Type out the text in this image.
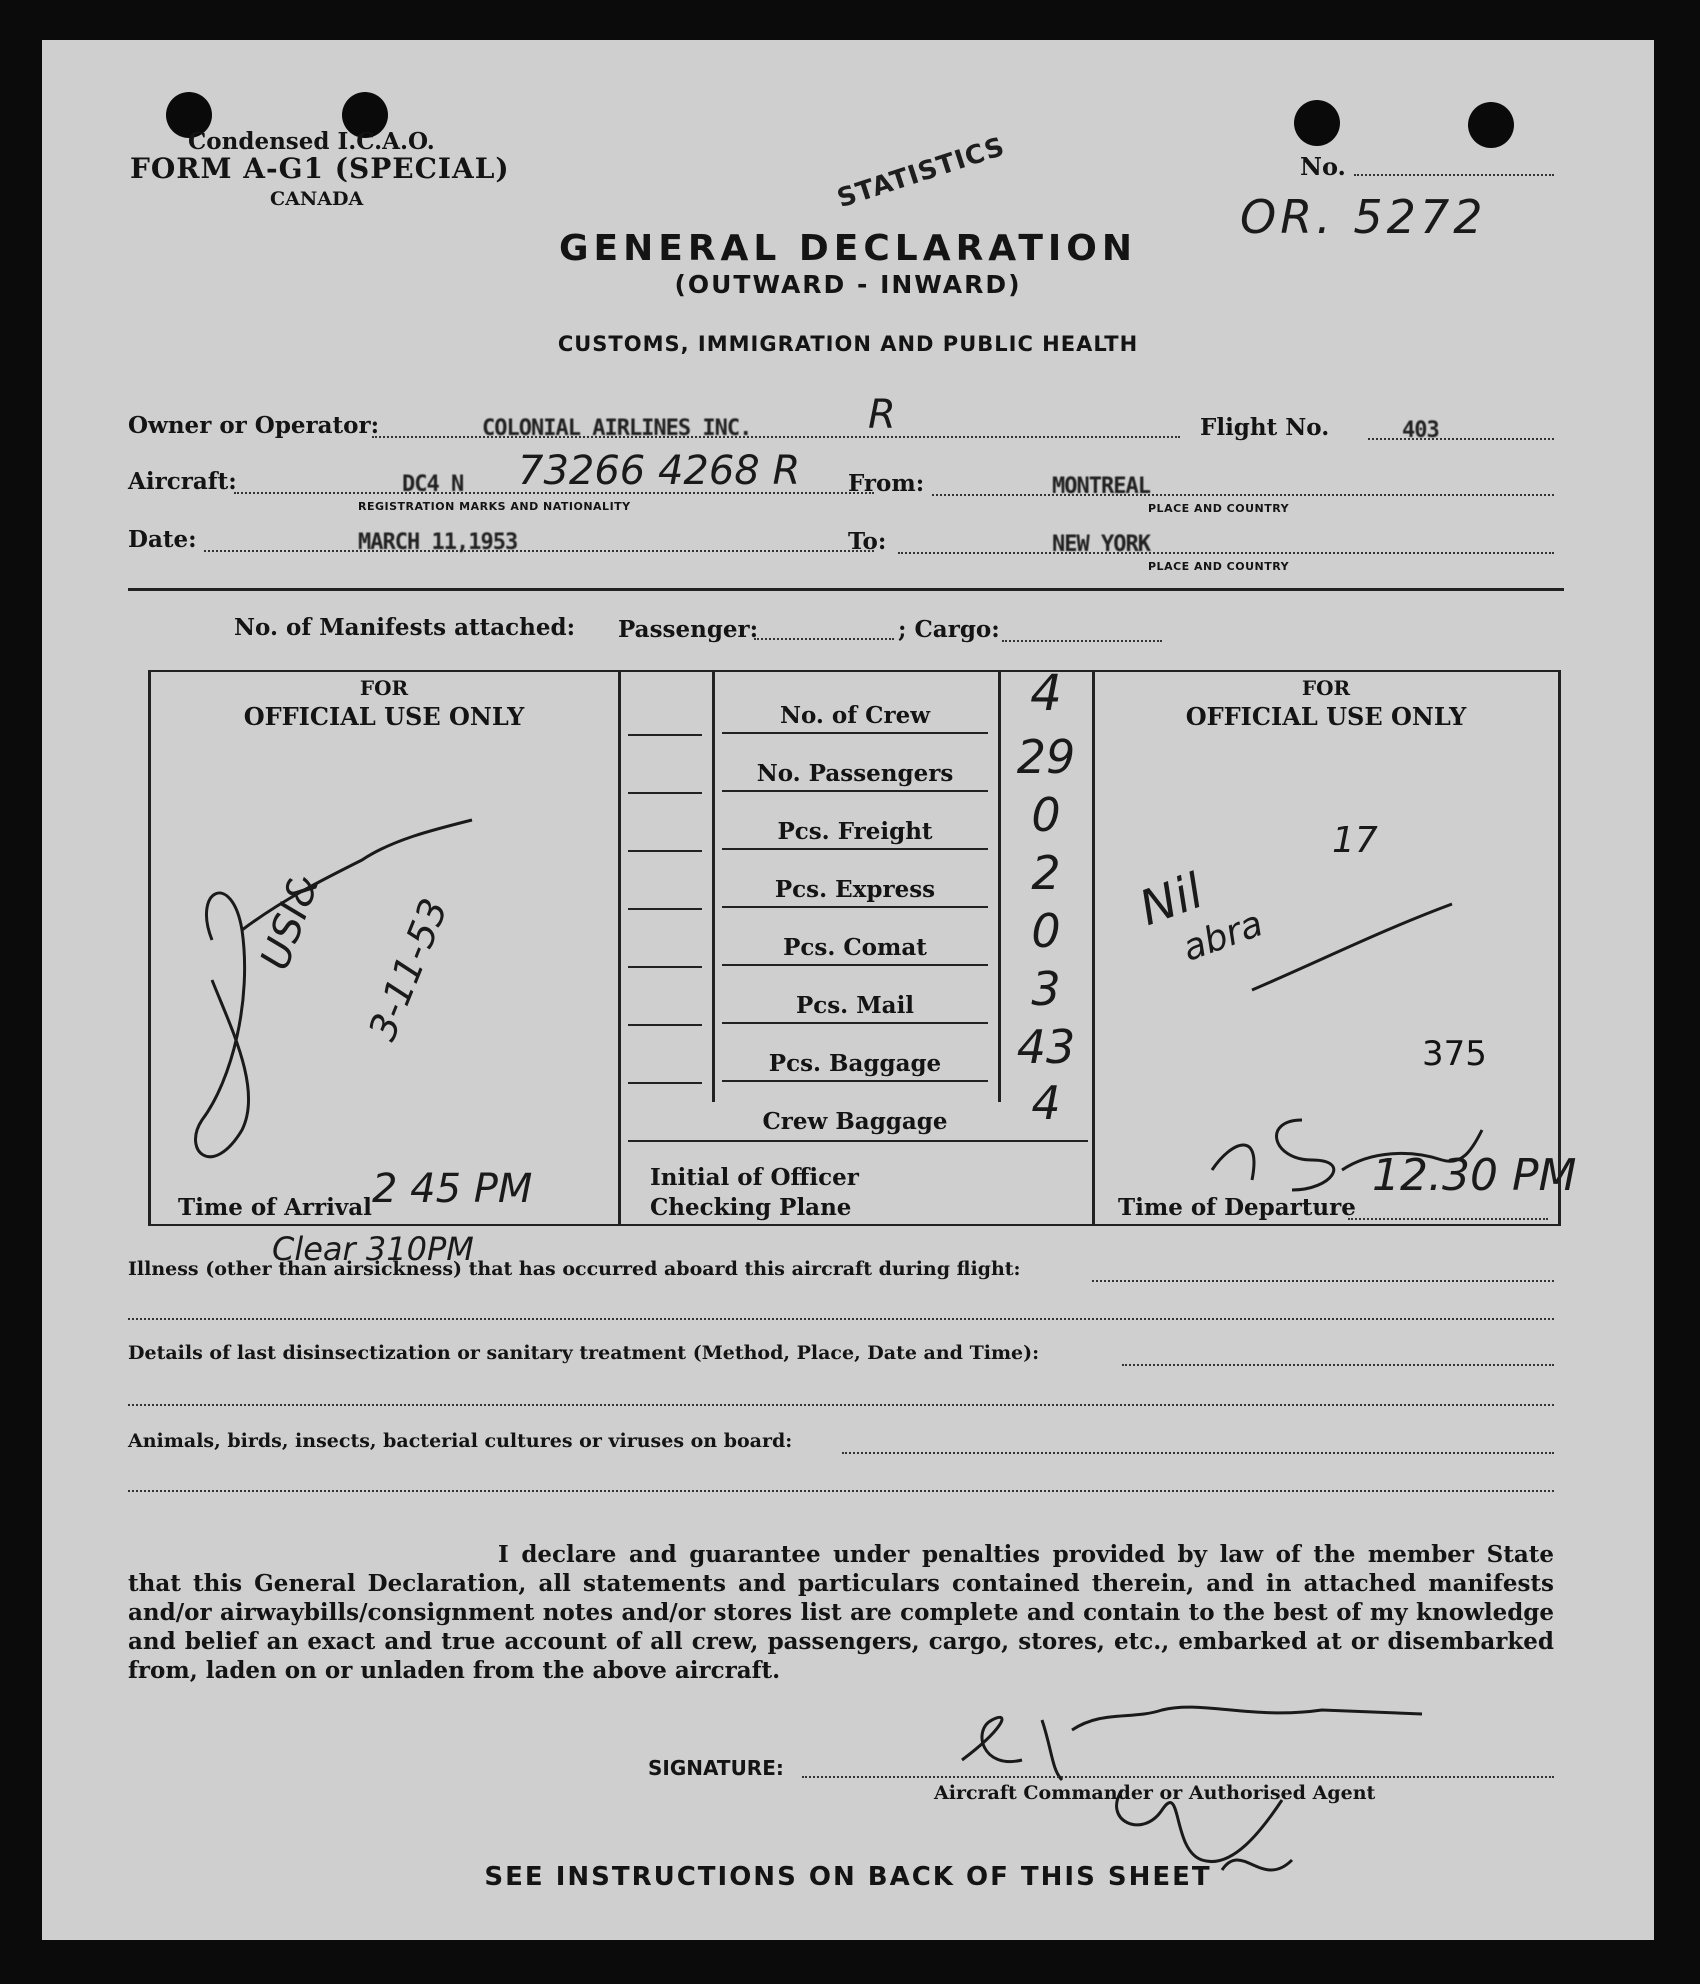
Condensed I.C.A.O.
FORM A-G1 (SPECIAL)
CANADA	STATISTICS	No.
OR. 5272
GENERAL DECLARATION
(OUTWARD - INWARD)
CUSTOMS, IMMIGRATION AND PUBLIC HEALTH
Owner or Operator:	COLONIAL AIRLINES INC.	R	Flight No.	403
Aircraft:	DC4 N 73266 4268 R
REGISTRATION MARKS AND NATIONALITY
From:	MONTREAL
PLACE AND COUNTRY
Date:	MARCH 11,1953	To:	NEW YORK
PLACE AND COUNTRY
No. of Manifests attached: Passenger:	; Cargo:
FOR
OFFICIAL USE ONLY
FOR
OFFICIAL USE ONLY
No. of Crew	4
No. Passengers	29
Pcs. Freight	0
Pcs. Express	2
Pcs. Comat	0
Pcs. Mail	3
Pcs. Baggage	43
Crew Baggage	4
USI& 3-11-53	Nil
abra
17
375
Time of Arrival 2 45 PM	Initial of Officer
Checking Plane	Time of Departure
12.30 PM
Clear 310PM
Illness (other than airsickness) that has occurred aboard this aircraft during flight:
Details of last disinsectization or sanitary treatment (Method, Place, Date and Time):
Animals, birds, insects, bacterial cultures or viruses on board:
I declare and guarantee under penalties provided by law of the member State that this General Declaration, all statements and particulars contained therein, and in attached manifests and/or airwaybills/consignment notes and/or stores list are complete and contain to the best of my knowledge and belief an exact and true account of all crew, passengers, cargo, stores, etc., embarked at or disembarked from, laden on or unladen from the above aircraft.
SIGNATURE:
Aircraft Commander or Authorised Agent
SEE INSTRUCTIONS ON BACK OF THIS SHEET
